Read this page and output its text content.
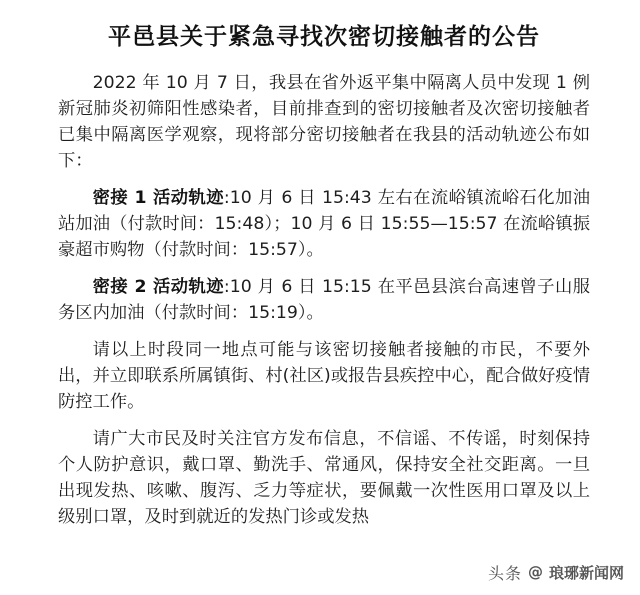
平邑县关于紧急寻找次密切接触者的公告

2022 年 10 月 7 日，我县在省外返平集中隔离人员中发现 1 例新冠肺炎初筛阳性感染者，目前排查到的密切接触者及次密切接触者已集中隔离医学观察，现将部分密切接触者在我县的活动轨迹公布如下：

密接 1 活动轨迹:10 月 6 日 15:43 左右在流峪镇流峪石化加油站加油（付款时间：15:48）；10 月 6 日 15:55—15:57 在流峪镇振豪超市购物（付款时间：15:57）。

密接 2 活动轨迹:10 月 6 日 15:15 在平邑县滨台高速曾子山服务区内加油（付款时间：15:19）。

请以上时段同一地点可能与该密切接触者接触的市民，不要外出，并立即联系所属镇街、村(社区)或报告县疾控中心，配合做好疫情防控工作。

请广大市民及时关注官方发布信息，不信谣、不传谣，时刻保持个人防护意识，戴口罩、勤洗手、常通风，保持安全社交距离。一旦出现发热、咳嗽、腹泻、乏力等症状，要佩戴一次性医用口罩及以上级别口罩，及时到就近的发热门诊或发热

头条 @ 琅琊新闻网
